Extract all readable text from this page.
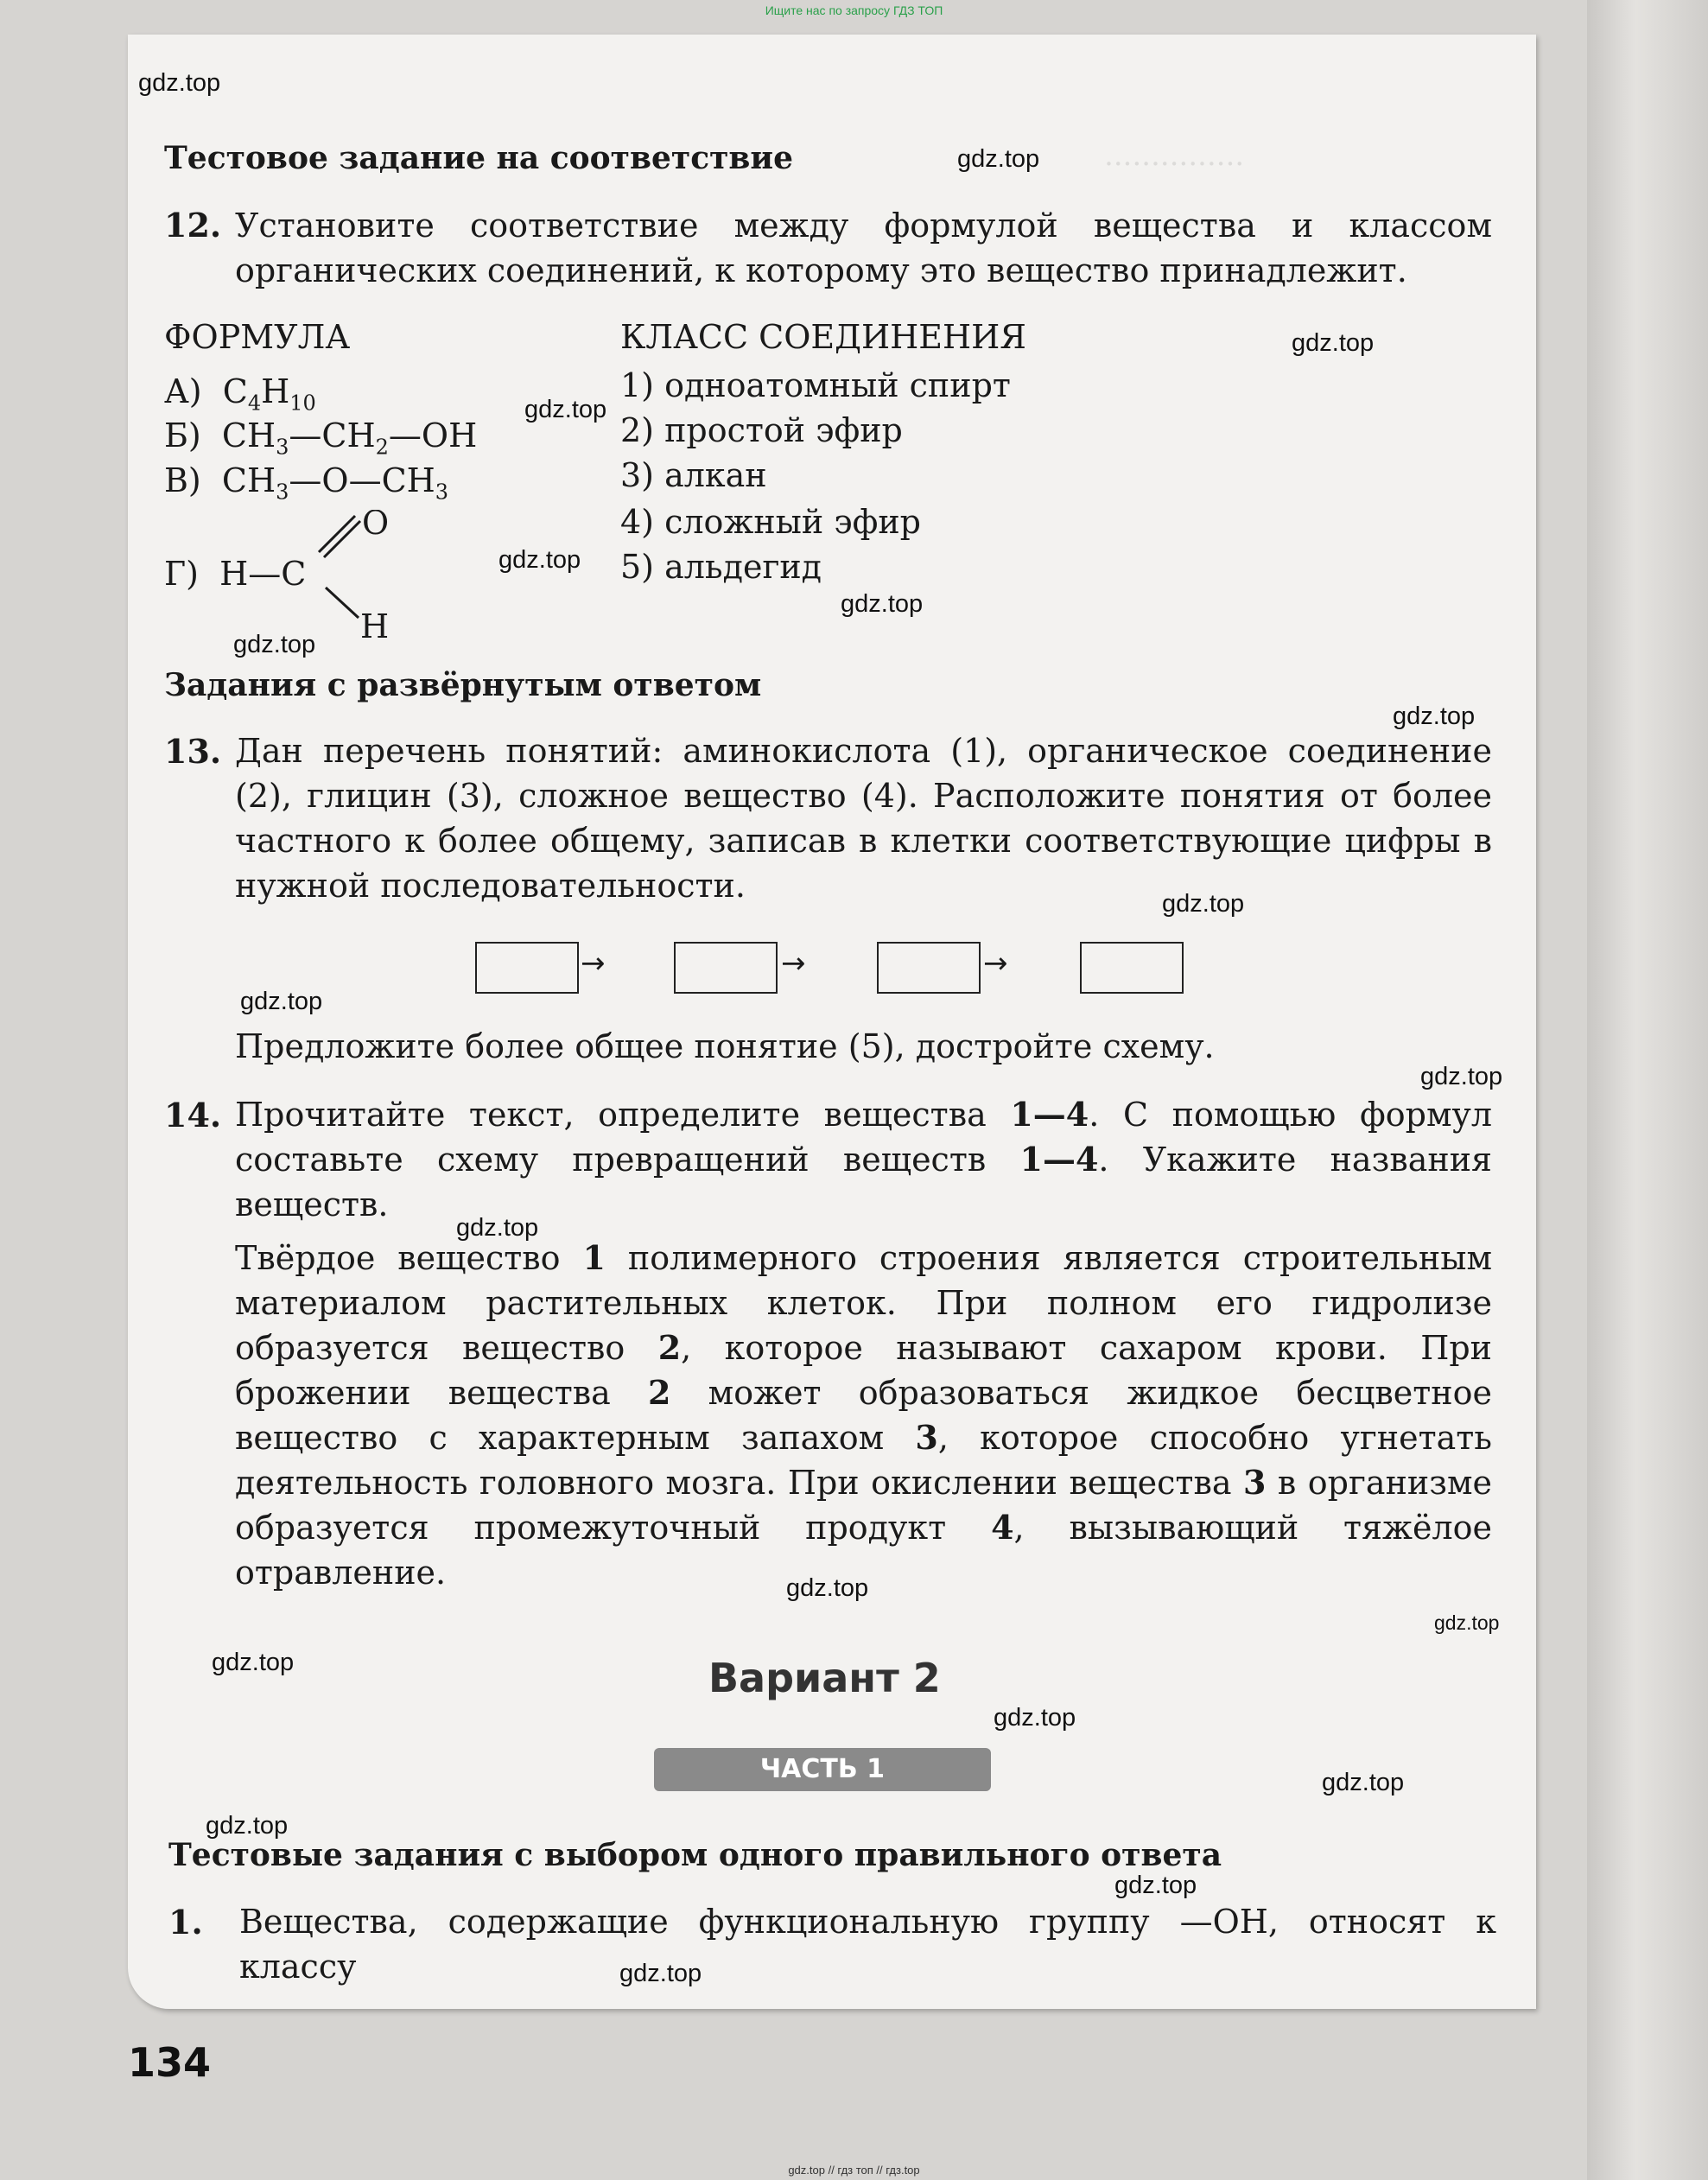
Ищите нас по запросу ГДЗ ТОП
...............
gdz.top
gdz.top
gdz.top
gdz.top
gdz.top
gdz.top
gdz.top
gdz.top
gdz.top
gdz.top
gdz.top
gdz.top
gdz.top
gdz.top
gdz.top
gdz.top
gdz.top
gdz.top
gdz.top
gdz.top
Тестовое задание на соответствие
12. Установите соответствие между формулой вещества и классом органических соединений, к которому это вещество принадлежит.
ФОРМУЛА	КЛАСС СОЕДИНЕНИЯ
А)  $C_4H_{10}$
Б)  $CH_3—CH_2—OH$
В)  $CH_3—O—CH_3$
Г)  H—C
O
H
1) одноатомный спирт
2) простой эфир
3) алкан
4) сложный эфир
5) альдегид
Задания с развёрнутым ответом
13. Дан перечень понятий: аминокислота (1), органическое соединение (2), глицин (3), сложное вещество (4). Расположите понятия от более частного к более общему, записав в клетки соответствующие цифры в нужной последовательности.
→	→	→
Предложите более общее понятие (5), достройте схему.
14. Прочитайте текст, определите вещества 1—4. С помощью формул составьте схему превращений веществ 1—4. Укажите названия веществ.
Твёрдое вещество 1 полимерного строения является строительным материалом растительных клеток. При полном его гидролизе образуется вещество 2, которое называют сахаром крови. При брожении вещества 2 может образоваться жидкое бесцветное вещество с характерным запахом 3, которое способно угнетать деятельность головного мозга. При окислении вещества 3 в организме образуется промежуточный продукт 4, вызывающий тяжёлое отравление.
Вариант 2
ЧАСТЬ 1
Тестовые задания с выбором одного правильного ответа
1. Вещества, содержащие функциональную группу —OH, относят к классу
134
gdz.top // гдз топ // гдз.top
